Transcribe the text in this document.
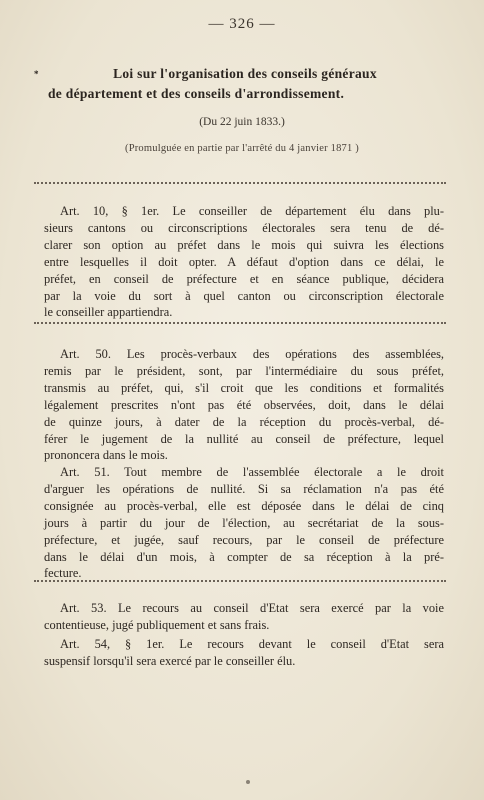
— 326 —
*	Loi sur l'organisation des conseils généraux
de département et des conseils d'arrondissement.
(Du 22 juin 1833.)
(Promulguée en partie par l'arrêté du 4 janvier 1871 )
Art. 10, § 1er. Le conseiller de département élu dans plu-
sieurs cantons ou circonscriptions électorales sera tenu de dé-
clarer son option au préfet dans le mois qui suivra les élections
entre lesquelles il doit opter. A défaut d'option dans ce délai, le
préfet, en conseil de préfecture et en séance publique, décidera
par la voie du sort à quel canton ou circonscription électorale
le conseiller appartiendra.
Art. 50. Les procès-verbaux des opérations des assemblées,
remis par le président, sont, par l'intermédiaire du sous préfet,
transmis au préfet, qui, s'il croit que les conditions et formalités
légalement prescrites n'ont pas été observées, doit, dans le délai
de quinze jours, à dater de la réception du procès-verbal, dé-
férer le jugement de la nullité au conseil de préfecture, lequel
prononcera dans le mois.
Art. 51. Tout membre de l'assemblée électorale a le droit
d'arguer les opérations de nullité. Si sa réclamation n'a pas été
consignée au procès-verbal, elle est déposée dans le délai de cinq
jours à partir du jour de l'élection, au secrétariat de la sous-
préfecture, et jugée, sauf recours, par le conseil de préfecture
dans le délai d'un mois, à compter de sa réception à la pré-
fecture.
Art. 53. Le recours au conseil d'Etat sera exercé par la voie
contentieuse, jugé publiquement et sans frais.
Art. 54, § 1er. Le recours devant le conseil d'Etat sera
suspensif lorsqu'il sera exercé par le conseiller élu.
